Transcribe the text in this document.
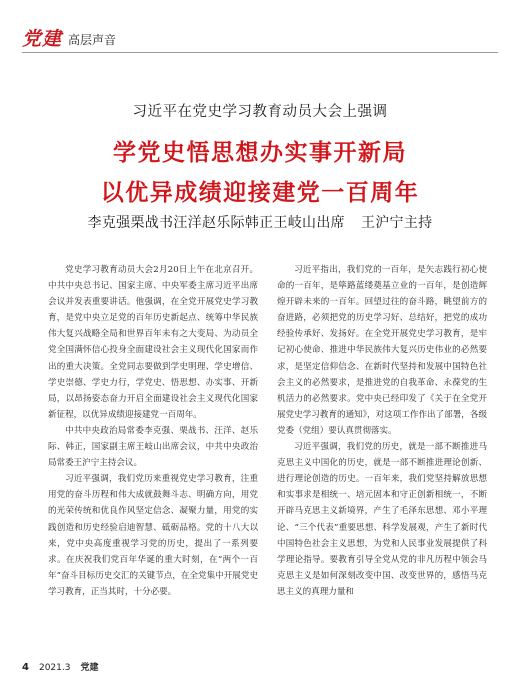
党建 高层声音
习近平在党史学习教育动员大会上强调
学党史悟思想办实事开新局
以优异成绩迎接建党一百周年
李克强栗战书汪洋赵乐际韩正王岐山出席 王沪宁主持

党史学习教育动员大会2月20日上午在北京召开。中共中央总书记、国家主席、中央军委主席习近平出席会议并发表重要讲话。他强调，在全党开展党史学习教育，是党中央立足党的百年历史新起点、统筹中华民族伟大复兴战略全局和世界百年未有之大变局、为动员全党全国满怀信心投身全面建设社会主义现代化国家而作出的重大决策。全党同志要做到学史明理、学史增信、学史崇德、学史力行，学党史、悟思想、办实事、开新局，以昂扬姿态奋力开启全面建设社会主义现代化国家新征程，以优异成绩迎接建党一百周年。

中共中央政治局常委李克强、栗战书、汪洋、赵乐际、韩正，国家副主席王岐山出席会议，中共中央政治局常委王沪宁主持会议。

习近平强调，我们党历来重视党史学习教育，注重用党的奋斗历程和伟大成就鼓舞斗志、明确方向，用党的光荣传统和优良作风坚定信念、凝聚力量，用党的实践创造和历史经验启迪智慧、砥砺品格。党的十八大以来，党中央高度重视学习党的历史，提出了一系列要求。在庆祝我们党百年华诞的重大时刻，在“两个一百年”奋斗目标历史交汇的关键节点，在全党集中开展党史学习教育，正当其时，十分必要。

习近平指出，我们党的一百年，是矢志践行初心使命的一百年，是筚路蓝缕奠基立业的一百年，是创造辉煌开辟未来的一百年。回望过往的奋斗路，眺望前方的奋进路，必须把党的历史学习好、总结好，把党的成功经验传承好、发扬好。在全党开展党史学习教育，是牢记初心使命、推进中华民族伟大复兴历史伟业的必然要求，是坚定信仰信念、在新时代坚持和发展中国特色社会主义的必然要求，是推进党的自我革命、永葆党的生机活力的必然要求。党中央已经印发了《关于在全党开展党史学习教育的通知》，对这项工作作出了部署，各级党委（党组）要认真贯彻落实。

习近平强调，我们党的历史，就是一部不断推进马克思主义中国化的历史，就是一部不断推进理论创新、进行理论创造的历史。一百年来，我们党坚持解放思想和实事求是相统一、培元固本和守正创新相统一，不断开辟马克思主义新境界，产生了毛泽东思想、邓小平理论、“三个代表”重要思想、科学发展观，产生了新时代中国特色社会主义思想，为党和人民事业发展提供了科学理论指导。要教育引导全党从党的非凡历程中领会马克思主义是如何深刻改变中国、改变世界的，感悟马克思主义的真理力量和

4 2021.3 党建
